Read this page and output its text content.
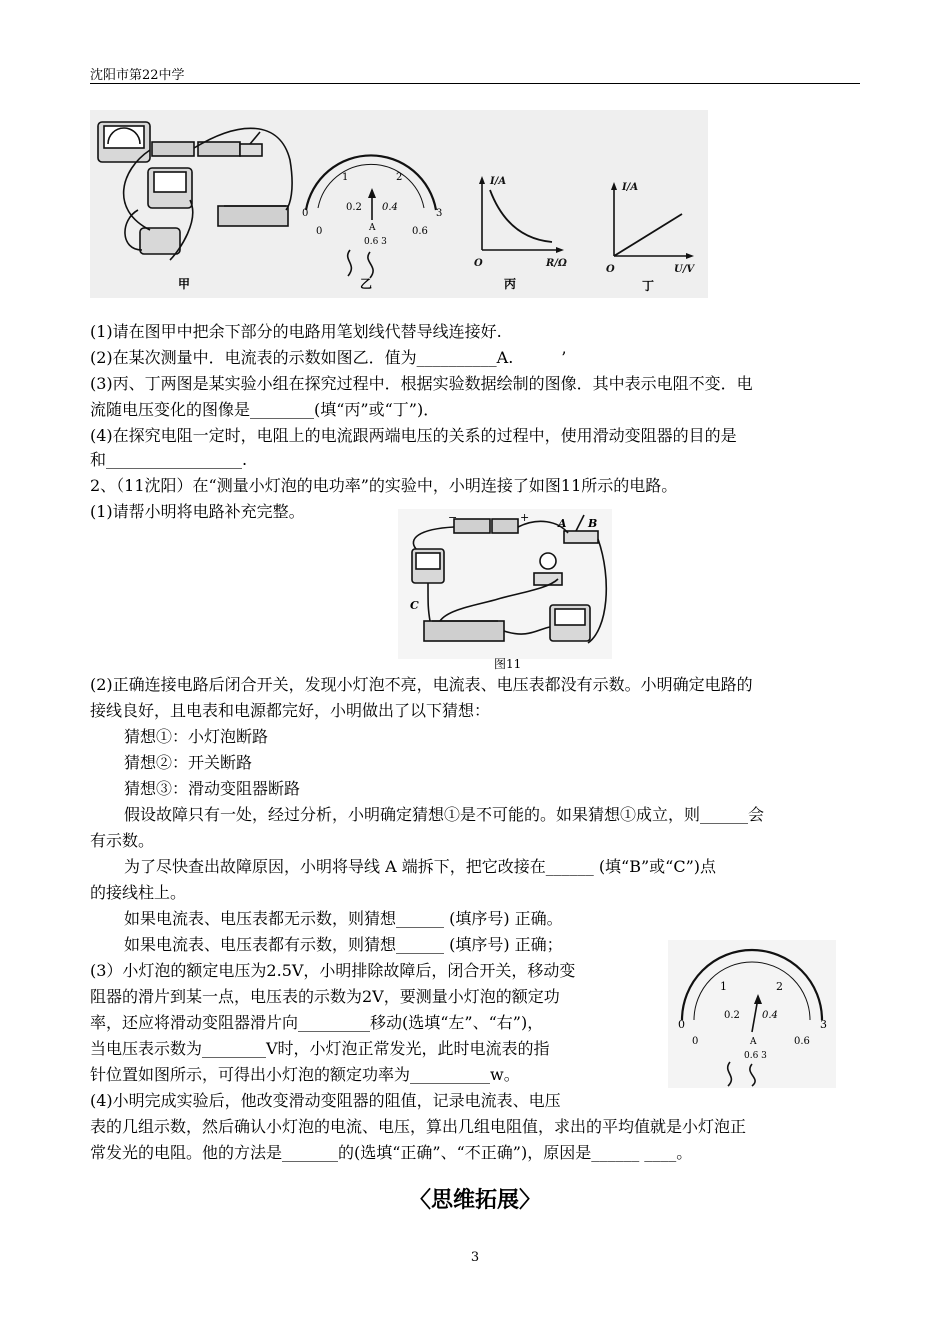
沈阳市第22中学
0
1	2
3
0
0.2 0.4
0.6
A
0.6 3
I/A
R/Ω
O
I/A
U/V
O
甲	乙	丙	丁
(1)请在图甲中把余下部分的电路用笔划线代替导线连接好.
(2)在某次测量中．电流表的示数如图乙．值为__________A.　　　’
(3)丙、丁两图是某实验小组在探究过程中．根据实验数据绘制的图像．其中表示电阻不变．电
流随电压变化的图像是________(填“丙”或“丁”)．
(4)在探究电阻一定时，电阻上的电流跟两端电压的关系的过程中，使用滑动变阻器的目的是
和_________________.
2、（11沈阳）在“测量小灯泡的电功率”的实验中，小明连接了如图11所示的电路。
(1)请帮小明将电路补充完整。	−	+	A B
C
图11
(2)正确连接电路后闭合开关，发现小灯泡不亮，电流表、电压表都没有示数。小明确定电路的
接线良好，且电表和电源都完好，小明做出了以下猜想：
猜想①：小灯泡断路
猜想②：开关断路
猜想③：滑动变阻器断路
假设故障只有一处，经过分析，小明确定猜想①是不可能的。如果猜想①成立，则______会
有示数。
为了尽快查出故障原因，小明将导线 A 端拆下，把它改接在______ (填“B”或“C”)点
的接线柱上。
如果电流表、电压表都无示数，则猜想______ (填序号) 正确。
如果电流表、电压表都有示数，则猜想______ (填序号) 正确；
(3）小灯泡的额定电压为2.5V，小明排除故障后，闭合开关，移动变
阻器的滑片到某一点，电压表的示数为2V，要测量小灯泡的额定功
率，还应将滑动变阻器滑片向_________移动(选填“左”、“右”)，
当电压表示数为________V时，小灯泡正常发光，此时电流表的指
针位置如图所示，可得出小灯泡的额定功率为__________w。
0
1	2
3
0
0.2 0.4
0.6
A
0.6 3
(4)小明完成实验后，他改变滑动变阻器的阻值，记录电流表、电压
表的几组示数，然后确认小灯泡的电流、电压，算出几组电阻值，求出的平均值就是小灯泡正
常发光的电阻。他的方法是_______的(选填“正确”、“不正确”)，原因是______ ____。
〈思维拓展〉
3
